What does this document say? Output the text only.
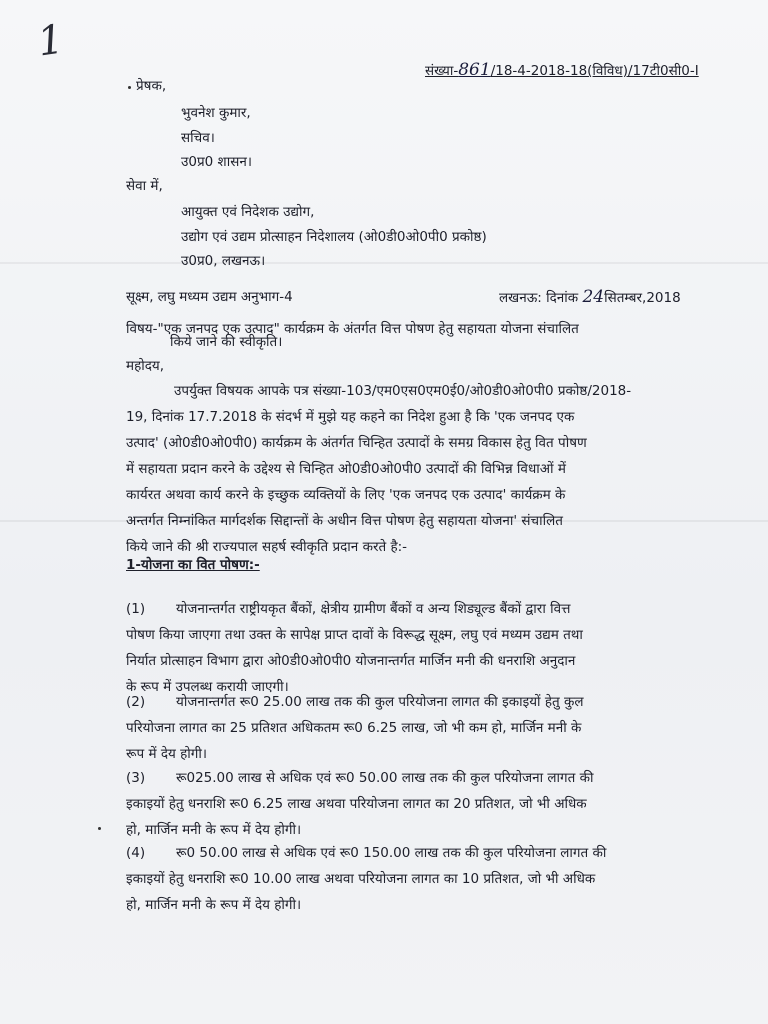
1
संख्या-861/18-4-2018-18(विविध)/17टी0सी0-I
प्रेषक,
भुवनेश कुमार,
सचिव।
उ0प्र0 शासन।
सेवा में,
आयुक्त एवं निदेशक उद्योग,
उद्योग एवं उद्यम प्रोत्साहन निदेशालय (ओ0डी0ओ0पी0 प्रकोष्ठ)
उ0प्र0, लखनऊ।
सूक्ष्म, लघु मध्यम उद्यम अनुभाग-4	लखनऊ: दिनांक 24सितम्बर,2018
विषय-"एक जनपद एक उत्पाद" कार्यक्रम के अंतर्गत वित्त पोषण हेतु सहायता योजना संचालित
किये जाने की स्वीकृति।
महोदय,
उपर्युक्त विषयक आपके पत्र संख्या-103/एम0एस0एम0ई0/ओ0डी0ओ0पी0 प्रकोष्ठ/2018-
19, दिनांक 17.7.2018 के संदर्भ में मुझे यह कहने का निदेश हुआ है कि 'एक जनपद एक
उत्पाद' (ओ0डी0ओ0पी0) कार्यक्रम के अंतर्गत चिन्हित उत्पादों के समग्र विकास हेतु वित पोषण
में सहायता प्रदान करने के उद्देश्य से चिन्हित ओ0डी0ओ0पी0 उत्पादों की विभिन्न विधाओं में
कार्यरत अथवा कार्य करने के इच्छुक व्यक्तियों के लिए 'एक जनपद एक उत्पाद' कार्यक्रम के
अन्तर्गत निम्नांकित मार्गदर्शक सिद्दान्तों के अधीन वित्त पोषण हेतु सहायता योजना' संचालित
किये जाने की श्री राज्यपाल सहर्ष स्वीकृति प्रदान करते है:-
1-योजना का वित पोषण:-
(1) योजनान्तर्गत राष्ट्रीयकृत बैंकों, क्षेत्रीय ग्रामीण बैंकों व अन्य शिड्यूल्ड बैंकों द्वारा वित्त
पोषण किया जाएगा तथा उक्त के सापेक्ष प्राप्त दावों के विरूद्ध सूक्ष्म, लघु एवं मध्यम उद्यम तथा
निर्यात प्रोत्साहन विभाग द्वारा ओ0डी0ओ0पी0 योजनान्तर्गत मार्जिन मनी की धनराशि अनुदान
के रूप में उपलब्ध करायी जाएगी।
(2) योजनान्तर्गत रू0 25.00 लाख तक की कुल परियोजना लागत की इकाइयों हेतु कुल
परियोजना लागत का 25 प्रतिशत अधिकतम रू0 6.25 लाख, जो भी कम हो, मार्जिन मनी के
रूप में देय होगी।
(3) रू025.00 लाख से अधिक एवं रू0 50.00 लाख तक की कुल परियोजना लागत की
इकाइयों हेतु धनराशि रू0 6.25 लाख अथवा परियोजना लागत का 20 प्रतिशत, जो भी अधिक
हो, मार्जिन मनी के रूप में देय होगी।
(4) रू0 50.00 लाख से अधिक एवं रू0 150.00 लाख तक की कुल परियोजना लागत की
इकाइयों हेतु धनराशि रू0 10.00 लाख अथवा परियोजना लागत का 10 प्रतिशत, जो भी अधिक
हो, मार्जिन मनी के रूप में देय होगी।
